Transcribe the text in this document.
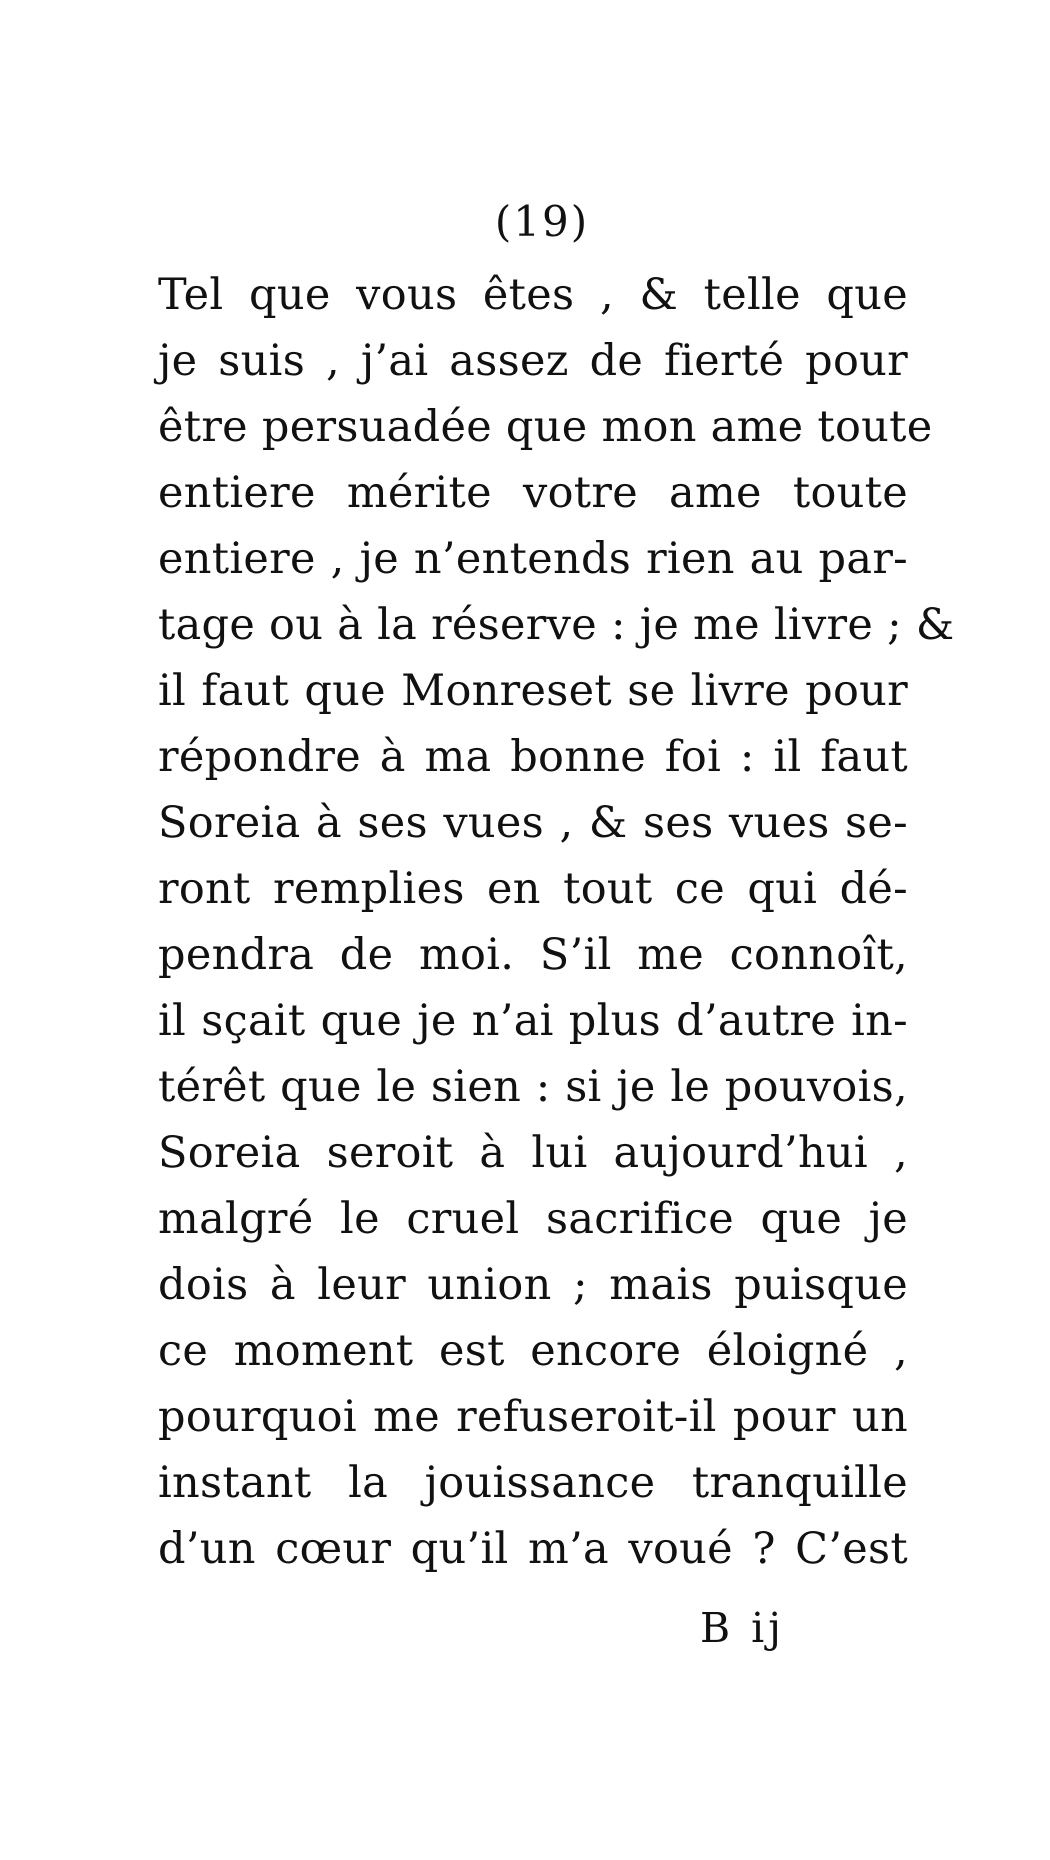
(19)
Tel que vous êtes , & telle que
je suis , j’ai assez de fierté pour
être persuadée que mon ame toute
entiere mérite votre ame toute
entiere , je n’entends rien au par-
tage ou à la réserve : je me livre ; &
il faut que Monreset se livre pour
répondre à ma bonne foi : il faut
Soreia à ses vues , & ses vues se-
ront remplies en tout ce qui dé-
pendra de moi. S’il me connoît,
il sçait que je n’ai plus d’autre in-
térêt que le sien : si je le pouvois,
Soreia seroit à lui aujourd’hui ,
malgré le cruel sacrifice que je
dois à leur union ; mais puisque
ce moment est encore éloigné ,
pourquoi me refuseroit-il pour un
instant la jouissance tranquille
d’un cœur qu’il m’a voué ? C’est
B ij
